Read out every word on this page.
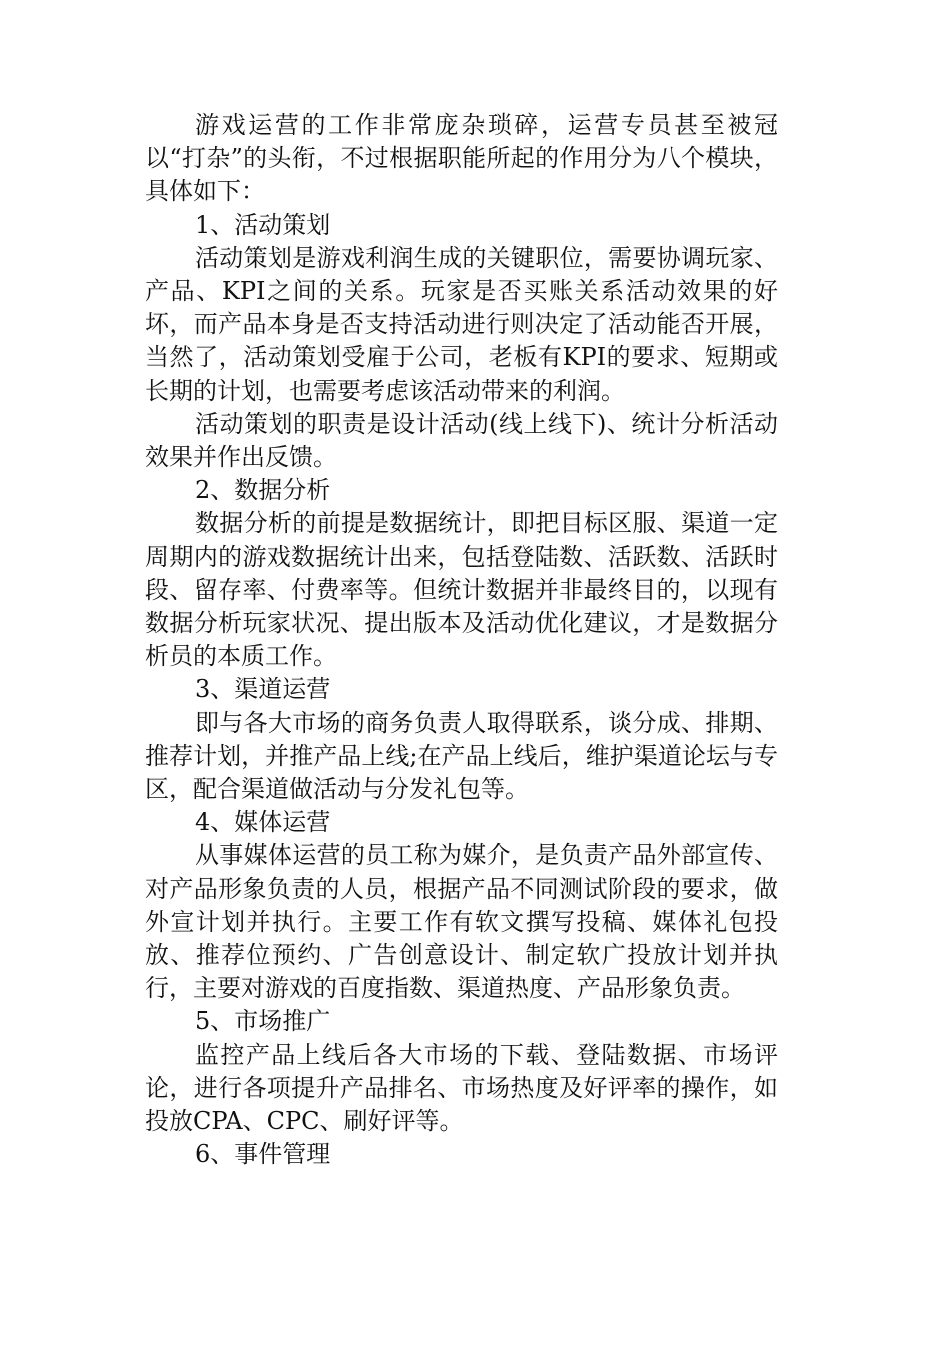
游戏运营的工作非常庞杂琐碎，运营专员甚至被冠以“打杂”的头衔，不过根据职能所起的作用分为八个模块，具体如下：

1、活动策划

活动策划是游戏利润生成的关键职位，需要协调玩家、产品、KPI之间的关系。玩家是否买账关系活动效果的好坏，而产品本身是否支持活动进行则决定了活动能否开展，当然了，活动策划受雇于公司，老板有KPI的要求、短期或长期的计划，也需要考虑该活动带来的利润。

活动策划的职责是设计活动(线上线下)、统计分析活动效果并作出反馈。

2、数据分析

数据分析的前提是数据统计，即把目标区服、渠道一定周期内的游戏数据统计出来，包括登陆数、活跃数、活跃时段、留存率、付费率等。但统计数据并非最终目的，以现有数据分析玩家状况、提出版本及活动优化建议，才是数据分析员的本质工作。

3、渠道运营

即与各大市场的商务负责人取得联系，谈分成、排期、推荐计划，并推产品上线;在产品上线后，维护渠道论坛与专区，配合渠道做活动与分发礼包等。

4、媒体运营

从事媒体运营的员工称为媒介，是负责产品外部宣传、对产品形象负责的人员，根据产品不同测试阶段的要求，做外宣计划并执行。主要工作有软文撰写投稿、媒体礼包投放、推荐位预约、广告创意设计、制定软广投放计划并执行，主要对游戏的百度指数、渠道热度、产品形象负责。

5、市场推广

监控产品上线后各大市场的下载、登陆数据、市场评论，进行各项提升产品排名、市场热度及好评率的操作，如投放CPA、CPC、刷好评等。

6、事件管理
